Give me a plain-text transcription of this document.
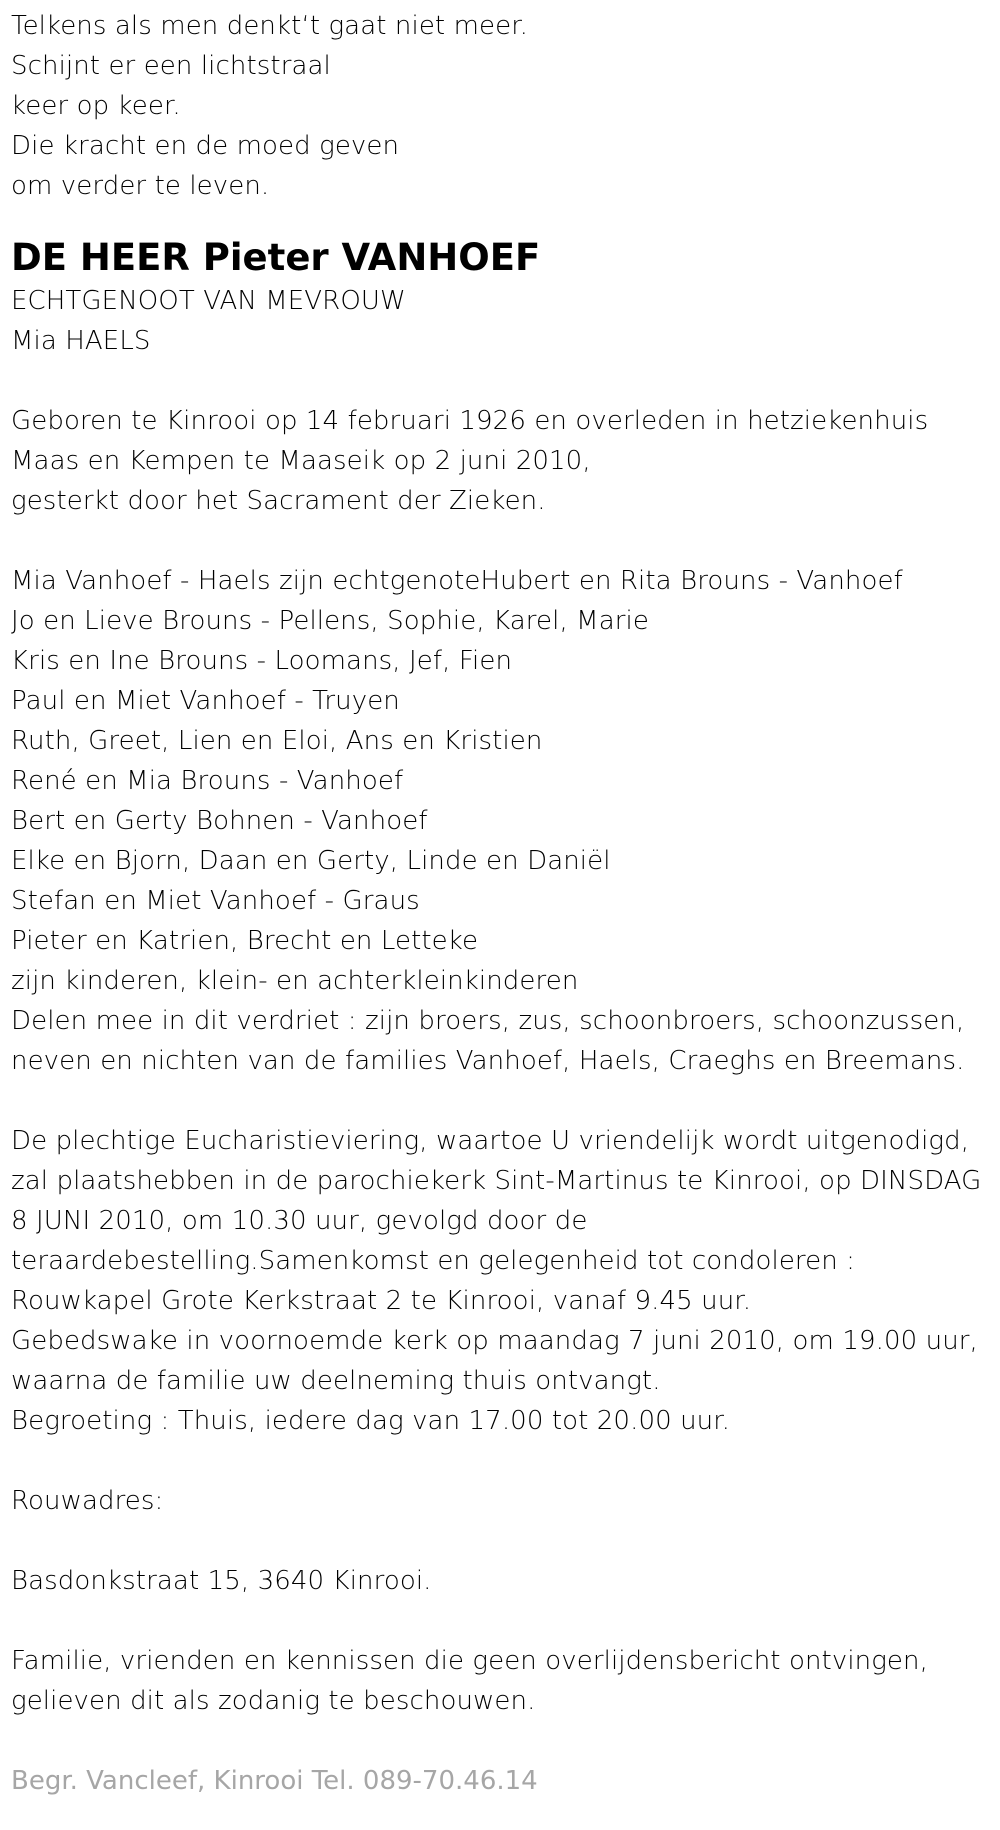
Telkens als men denkt‘t gaat niet meer.
Schijnt er een lichtstraal
keer op keer.
Die kracht en de moed geven
om verder te leven.
DE HEER Pieter VANHOEF
ECHTGENOOT VAN MEVROUW
Mia HAELS
Geboren te Kinrooi op 14 februari 1926 en overleden in hetziekenhuis
Maas en Kempen te Maaseik op 2 juni 2010,
gesterkt door het Sacrament der Zieken.
Mia Vanhoef - Haels zijn echtgenoteHubert en Rita Brouns - Vanhoef
Jo en Lieve Brouns - Pellens, Sophie, Karel, Marie
Kris en Ine Brouns - Loomans, Jef, Fien
Paul en Miet Vanhoef - Truyen
Ruth, Greet, Lien en Eloi, Ans en Kristien
René en Mia Brouns - Vanhoef
Bert en Gerty Bohnen - Vanhoef
Elke en Bjorn, Daan en Gerty, Linde en Daniël
Stefan en Miet Vanhoef - Graus
Pieter en Katrien, Brecht en Letteke
zijn kinderen, klein- en achterkleinkinderen
Delen mee in dit verdriet : zijn broers, zus, schoonbroers, schoonzussen,
neven en nichten van de families Vanhoef, Haels, Craeghs en Breemans.
De plechtige Eucharistieviering, waartoe U vriendelijk wordt uitgenodigd,
zal plaatshebben in de parochiekerk Sint-Martinus te Kinrooi, op DINSDAG
8 JUNI 2010, om 10.30 uur, gevolgd door de
teraardebestelling.Samenkomst en gelegenheid tot condoleren :
Rouwkapel Grote Kerkstraat 2 te Kinrooi, vanaf 9.45 uur.
Gebedswake in voornoemde kerk op maandag 7 juni 2010, om 19.00 uur,
waarna de familie uw deelneming thuis ontvangt.
Begroeting : Thuis, iedere dag van 17.00 tot 20.00 uur.
Rouwadres:
Basdonkstraat 15, 3640 Kinrooi.
Familie, vrienden en kennissen die geen overlijdensbericht ontvingen,
gelieven dit als zodanig te beschouwen.
Begr. Vancleef, Kinrooi Tel. 089-70.46.14
